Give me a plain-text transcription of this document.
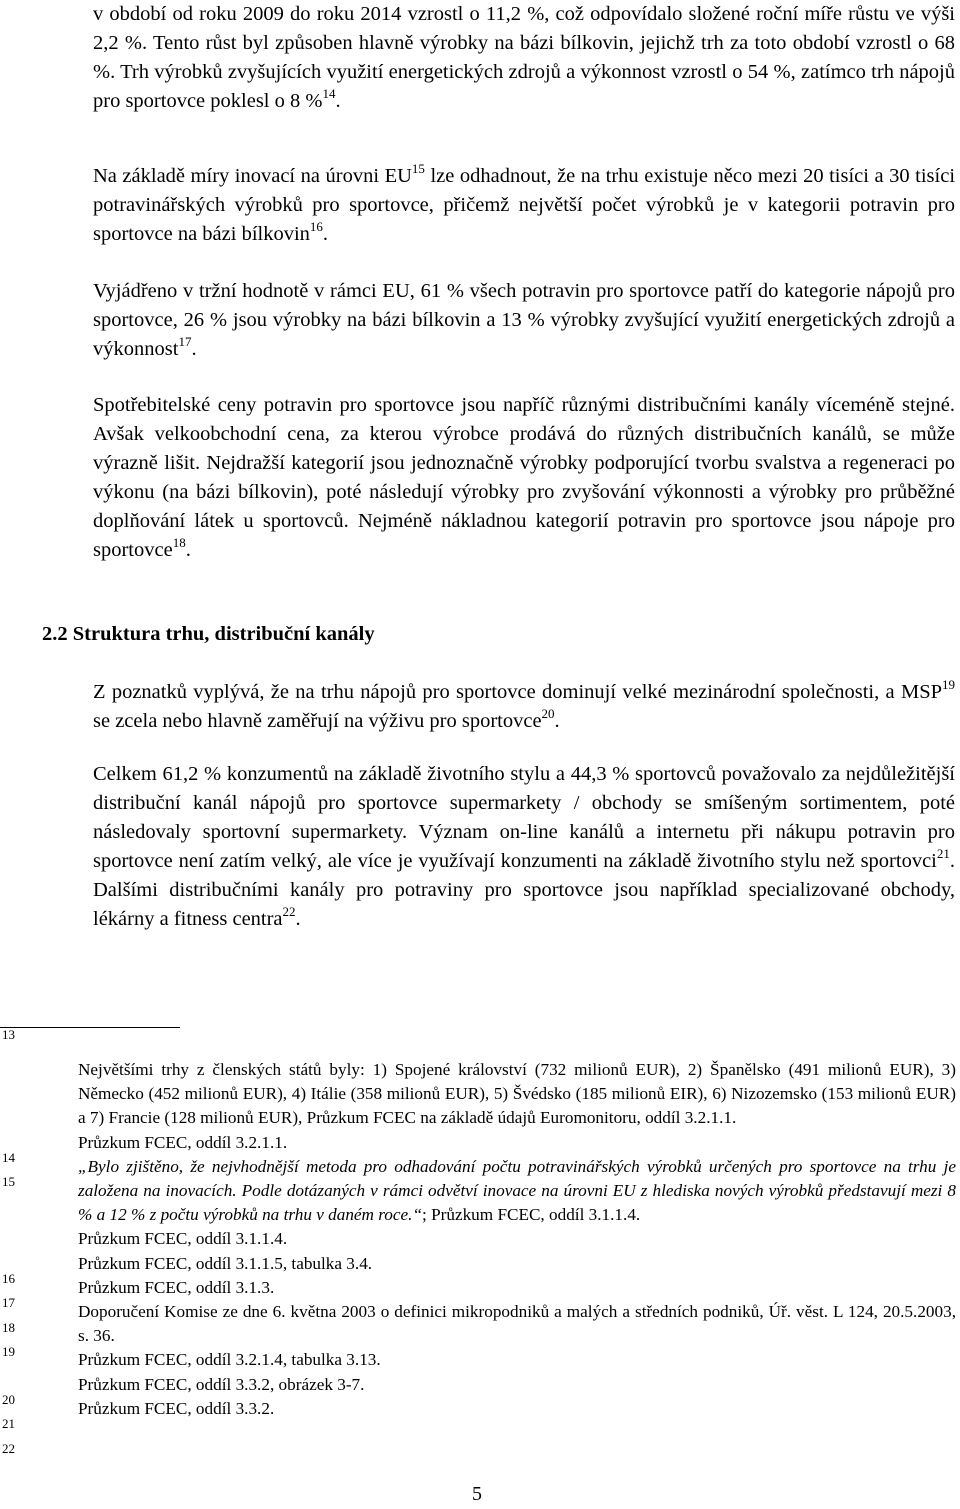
v období od roku 2009 do roku 2014 vzrostl o 11,2 %, což odpovídalo složené roční míře růstu ve výši 2,2 %. Tento růst byl způsoben hlavně výrobky na bázi bílkovin, jejichž trh za toto období vzrostl o 68 %. Trh výrobků zvyšujících využití energetických zdrojů a výkonnost vzrostl o 54 %, zatímco trh nápojů pro sportovce poklesl o 8 %$^{14}$.

Na základě míry inovací na úrovni EU$^{15}$ lze odhadnout, že na trhu existuje něco mezi 20 tisíci a 30 tisíci potravinářských výrobků pro sportovce, přičemž největší počet výrobků je v kategorii potravin pro sportovce na bázi bílkovin$^{16}$.

Vyjádřeno v tržní hodnotě v rámci EU, 61 % všech potravin pro sportovce patří do kategorie nápojů pro sportovce, 26 % jsou výrobky na bázi bílkovin a 13 % výrobky zvyšující využití energetických zdrojů a výkonnost$^{17}$.

Spotřebitelské ceny potravin pro sportovce jsou napříč různými distribučními kanály víceméně stejné. Avšak velkoobchodní cena, za kterou výrobce prodává do různých distribučních kanálů, se může výrazně lišit. Nejdražší kategorií jsou jednoznačně výrobky podporující tvorbu svalstva a regeneraci po výkonu (na bázi bílkovin), poté následují výrobky pro zvyšování výkonnosti a výrobky pro průběžné doplňování látek u sportovců. Nejméně nákladnou kategorií potravin pro sportovce jsou nápoje pro sportovce$^{18}$.

2.2 Struktura trhu, distribuční kanály

Z poznatků vyplývá, že na trhu nápojů pro sportovce dominují velké mezinárodní společnosti, a MSP$^{19}$ se zcela nebo hlavně zaměřují na výživu pro sportovce$^{20}$.

Celkem 61,2 % konzumentů na základě životního stylu a 44,3 % sportovců považovalo za nejdůležitější distribuční kanál nápojů pro sportovce supermarkety / obchody se smíšeným sortimentem, poté následovaly sportovní supermarkety. Význam on-line kanálů a internetu při nákupu potravin pro sportovce není zatím velký, ale více je využívají konzumenti na základě životního stylu než sportovci$^{21}$. Dalšími distribučními kanály pro potraviny pro sportovce jsou například specializované obchody, lékárny a fitness centra$^{22}$.

13
14
15
16
17
18
19
20
21
22

Největšími trhy z členských států byly: 1) Spojené království (732 milionů EUR), 2) Španělsko (491 milionů EUR), 3) Německo (452 milionů EUR), 4) Itálie (358 milionů EUR), 5) Švédsko (185 milionů EIR), 6) Nizozemsko (153 milionů EUR) a 7) Francie (128 milionů EUR), Průzkum FCEC na základě údajů Euromonitoru, oddíl 3.2.1.1.

Průzkum FCEC, oddíl 3.2.1.1.

„Bylo zjištěno, že nejvhodnější metoda pro odhadování počtu potravinářských výrobků určených pro sportovce na trhu je založena na inovacích. Podle dotázaných v rámci odvětví inovace na úrovni EU z hlediska nových výrobků představují mezi 8 % a 12 % z počtu výrobků na trhu v daném roce.“; Průzkum FCEC, oddíl 3.1.1.4.

Průzkum FCEC, oddíl 3.1.1.4.

Průzkum FCEC, oddíl 3.1.1.5, tabulka 3.4.

Průzkum FCEC, oddíl 3.1.3.

Doporučení Komise ze dne 6. května 2003 o definici mikropodniků a malých a středních podniků, Úř. věst. L 124, 20.5.2003, s. 36.

Průzkum FCEC, oddíl 3.2.1.4, tabulka 3.13.

Průzkum FCEC, oddíl 3.3.2, obrázek 3-7.

Průzkum FCEC, oddíl 3.3.2.

5
